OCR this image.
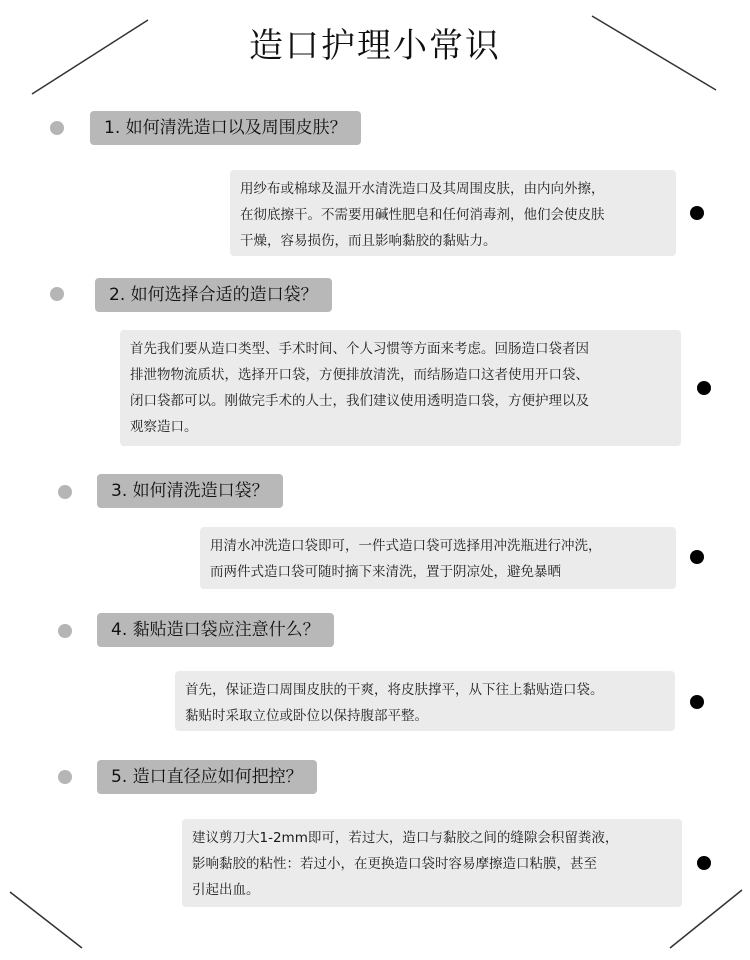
造口护理小常识
1. 如何清洗造口以及周围皮肤？
用纱布或棉球及温开水清洗造口及其周围皮肤，由内向外擦，
在彻底擦干。不需要用碱性肥皂和任何消毒剂，他们会使皮肤
干燥，容易损伤，而且影响黏胶的黏贴力。
2. 如何选择合适的造口袋？
首先我们要从造口类型、手术时间、个人习惯等方面来考虑。回肠造口袋者因
排泄物物流质状，选择开口袋，方便排放清洗，而结肠造口这者使用开口袋、
闭口袋都可以。刚做完手术的人士，我们建议使用透明造口袋，方便护理以及
观察造口。
3. 如何清洗造口袋？
用清水冲洗造口袋即可，一件式造口袋可选择用冲洗瓶进行冲洗，
而两件式造口袋可随时摘下来清洗，置于阴凉处，避免暴晒
4. 黏贴造口袋应注意什么？
首先，保证造口周围皮肤的干爽，将皮肤撑平，从下往上黏贴造口袋。
黏贴时采取立位或卧位以保持腹部平整。
5. 造口直径应如何把控？
建议剪刀大1-2mm即可，若过大，造口与黏胶之间的缝隙会积留粪液，
影响黏胶的粘性：若过小，在更换造口袋时容易摩擦造口粘膜，甚至
引起出血。
